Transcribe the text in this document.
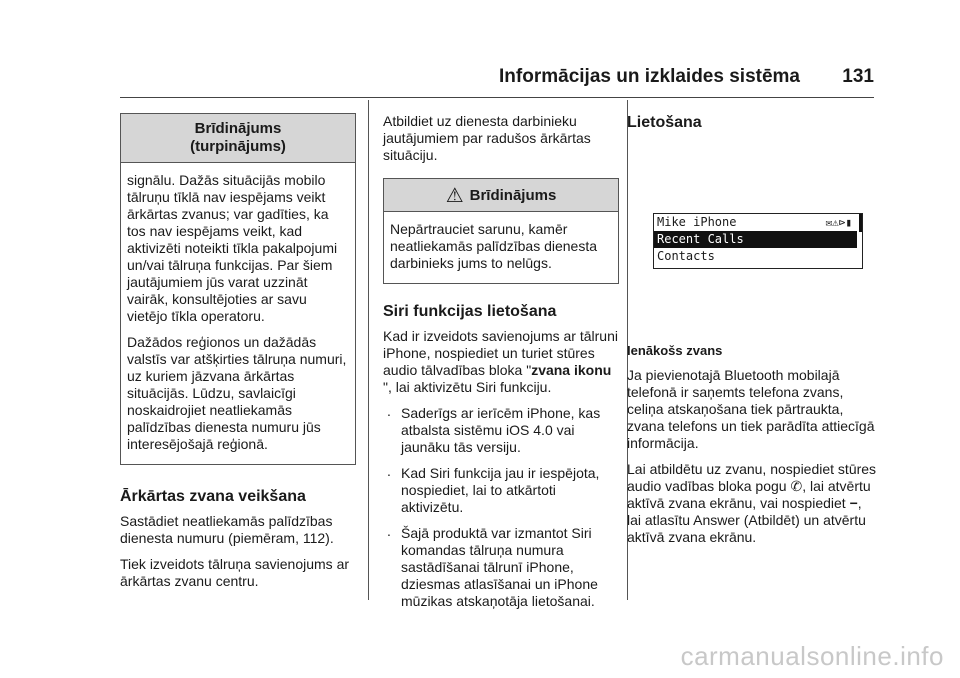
Informācijas un izklaides sistēma 131
Brīdinājums
(turpinājums)

signālu. Dažās situācijās mobilo tālruņu tīklā nav iespējams veikt ārkārtas zvanus; var gadīties, ka tos nav iespējams veikt, kad aktivizēti noteikti tīkla pakalpojumi un/vai tālruņa funkcijas. Par šiem jautājumiem jūs varat uzzināt vairāk, konsultējoties ar savu vietējo tīkla operatoru.

Dažādos reģionos un dažādās valstīs var atšķirties tālruņa numuri, uz kuriem jāzvana ārkārtas situācijās. Lūdzu, savlaicīgi noskaidrojiet neatliekamās palīdzības dienesta numuru jūs interesējošajā reģionā.

Ārkārtas zvana veikšana

Sastādiet neatliekamās palīdzības dienesta numuru (piemēram, 112).

Tiek izveidots tālruņa savienojums ar ārkārtas zvanu centru.

Atbildiet uz dienesta darbinieku jautājumiem par radušos ārkārtas situāciju.

⚠ Brīdinājums

Nepārtrauciet sarunu, kamēr neatliekamās palīdzības dienesta darbinieks jums to nelūgs.

Siri funkcijas lietošana

Kad ir izveidots savienojums ar tālruni iPhone, nospiediet un turiet stūres audio tālvadības bloka "zvana ikonu ", lai aktivizētu Siri funkciju.

. Saderīgs ar ierīcēm iPhone, kas atbalsta sistēmu iOS 4.0 vai jaunāku tās versiju.
. Kad Siri funkcija jau ir iespējota, nospiediet, lai to atkārtoti aktivizētu.
. Šajā produktā var izmantot Siri komandas tālruņa numura sastādīšanai tālrunī iPhone, dziesmas atlasīšanai un iPhone mūzikas atskaņotāja lietošanai.
Lietošana
Mike iPhone	✉⚠⊳▮
Recent Calls
Contacts
Ienākošs zvans

Ja pievienotajā Bluetooth mobilajā telefonā ir saņemts telefona zvans, celiņa atskaņošana tiek pārtraukta, zvana telefons un tiek parādīta attiecīgā informācija.

Lai atbildētu uz zvanu, nospiediet stūres audio vadības bloka pogu ✆, lai atvērtu aktīvā zvana ekrānu, vai nospiediet −, lai atlasītu Answer (Atbildēt) un atvērtu aktīvā zvana ekrānu.

carmanualsonline.info
